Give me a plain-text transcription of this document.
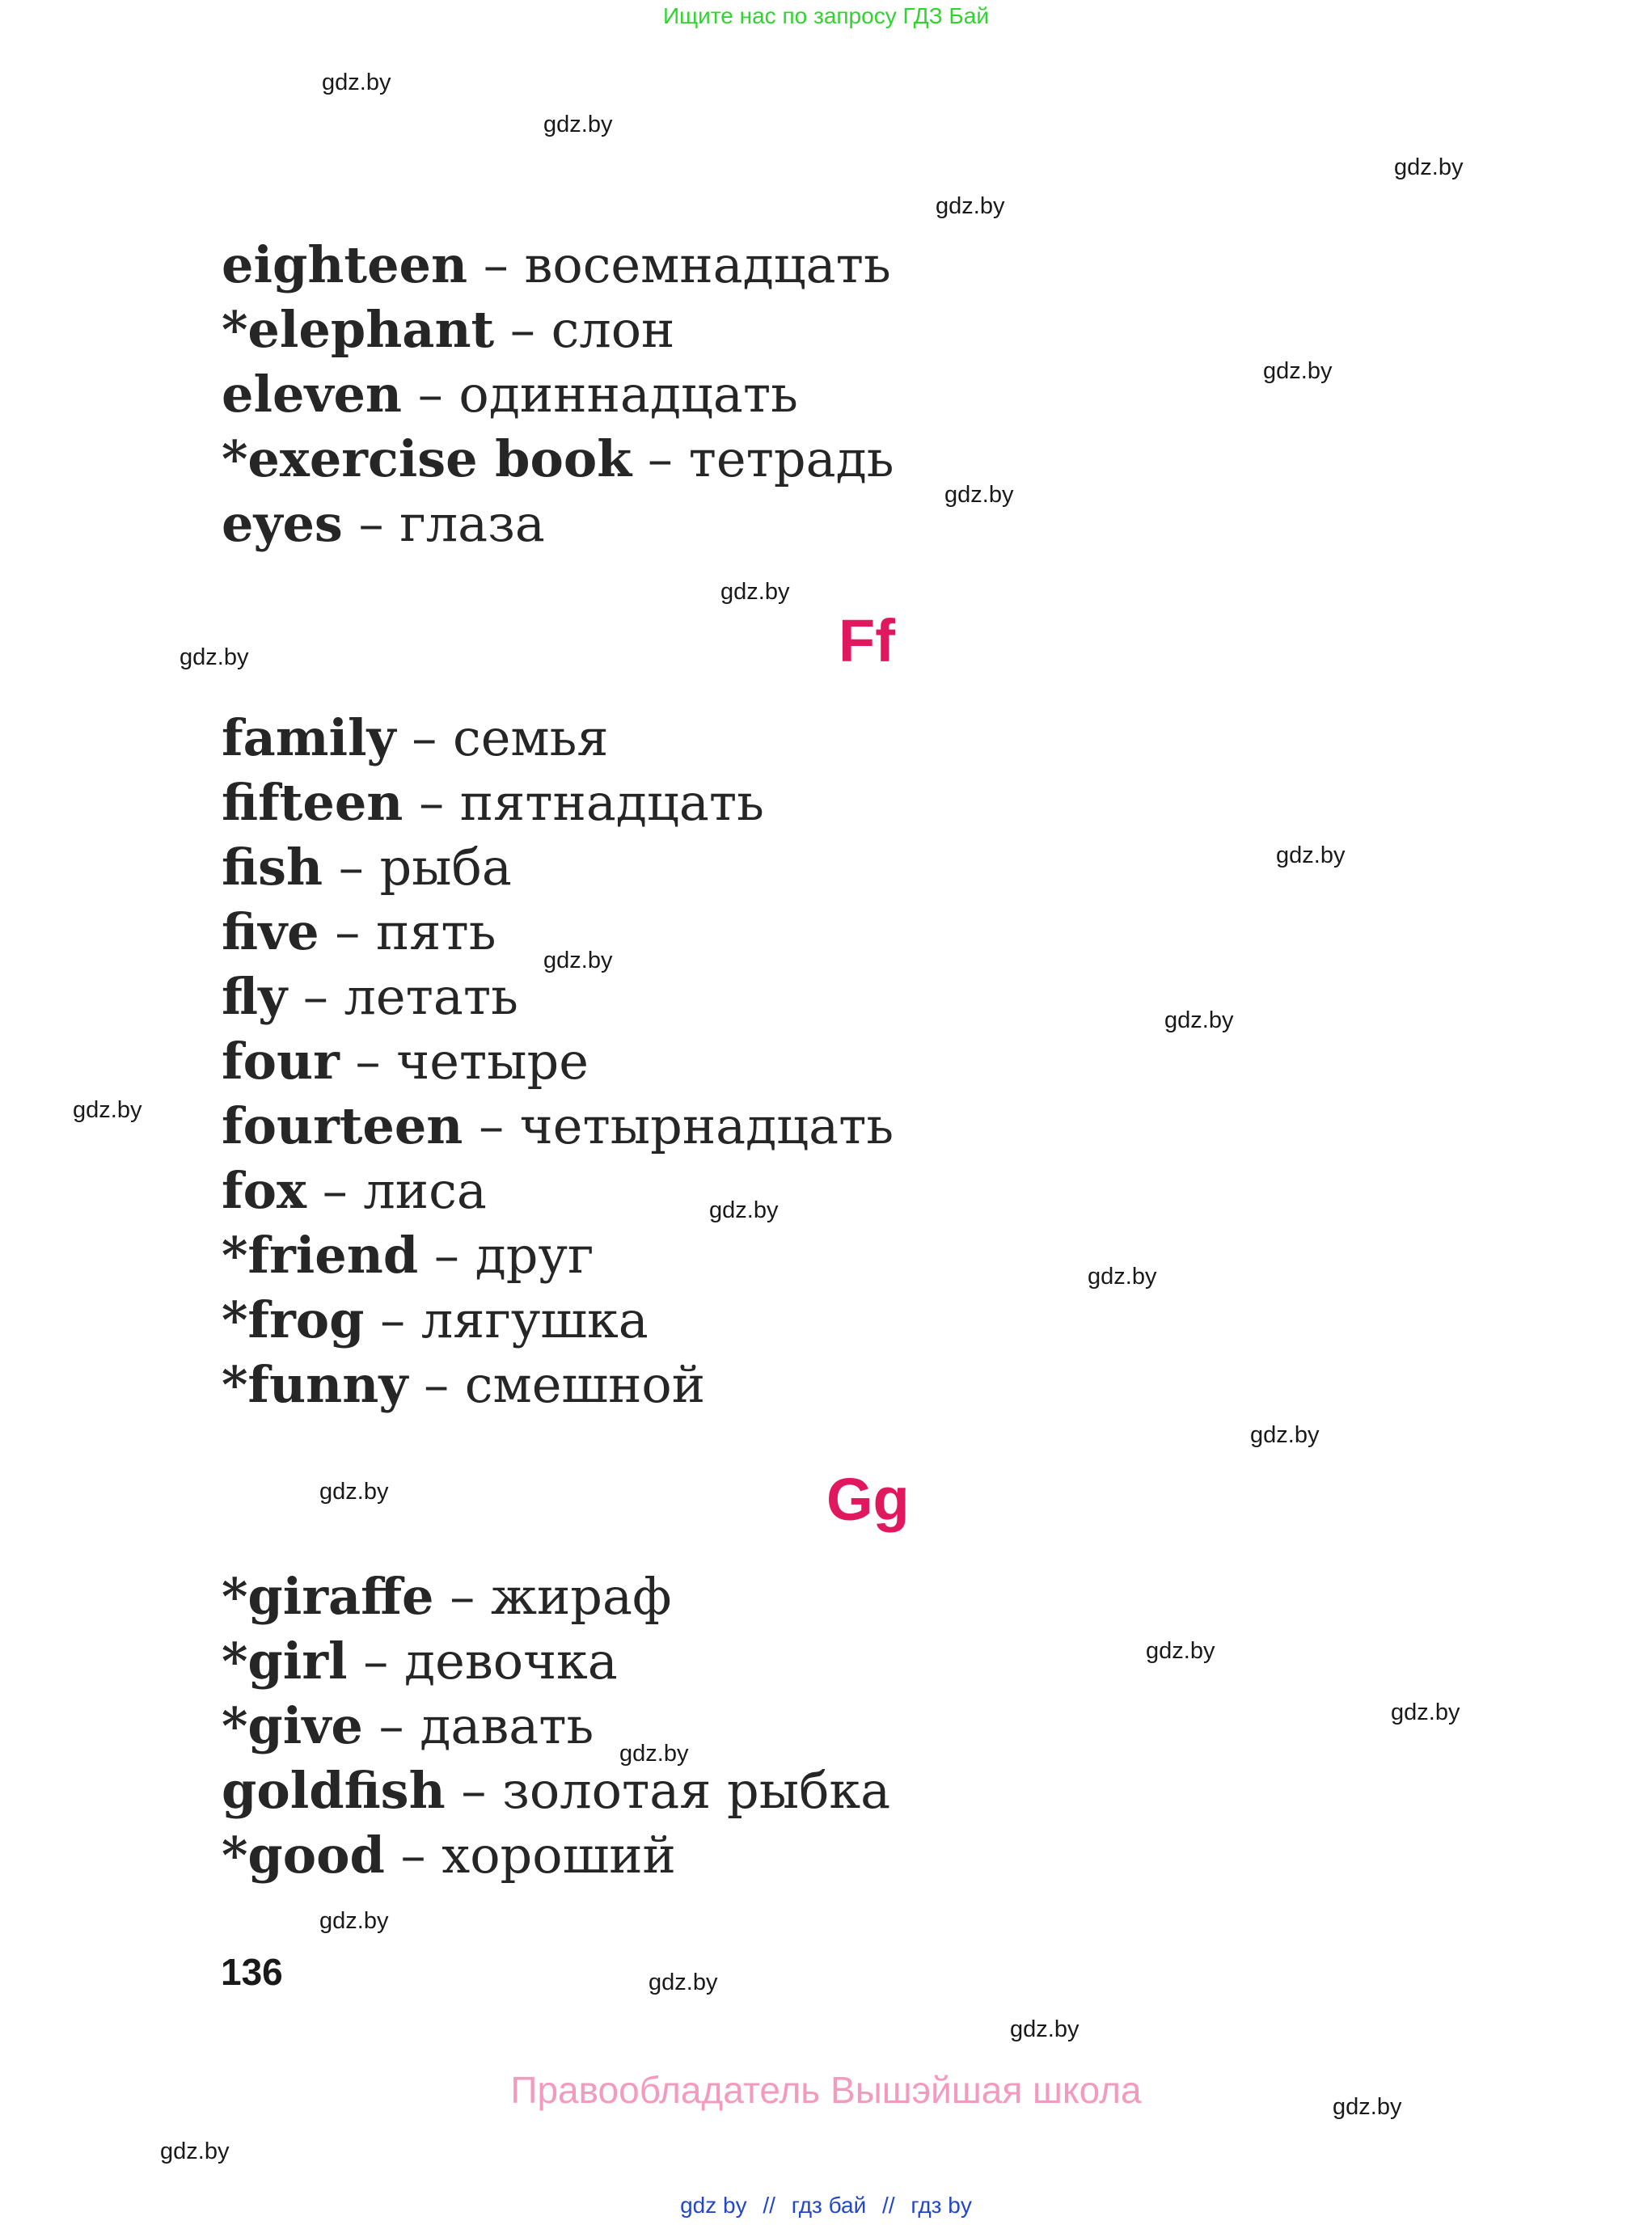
Ищите нас по запросу ГДЗ Бай
eighteen – восемнадцать
*elephant – слон
eleven – одиннадцать
*exercise book – тетрадь
eyes – глаза
Ff
family – семья
fifteen – пятнадцать
fish – рыба
five – пять
fly – летать
four – четыре
fourteen – четырнадцать
fox – лиса
*friend – друг
*frog – лягушка
*funny – смешной
Gg
*giraffe – жираф
*girl – девочка
*give – давать
goldfish – золотая рыбка
*good – хороший
136
Правообладатель Вышэйшая школа
gdz.by
gdz.by
gdz.by
gdz.by
gdz.by
gdz.by
gdz.by
gdz.by
gdz.by
gdz.by
gdz.by
gdz.by
gdz.by
gdz.by
gdz.by
gdz.by
gdz.by
gdz.by
gdz.by
gdz.by
gdz.by
gdz.by
gdz.by
gdz.by
gdz by // гдз бай // гдз by
